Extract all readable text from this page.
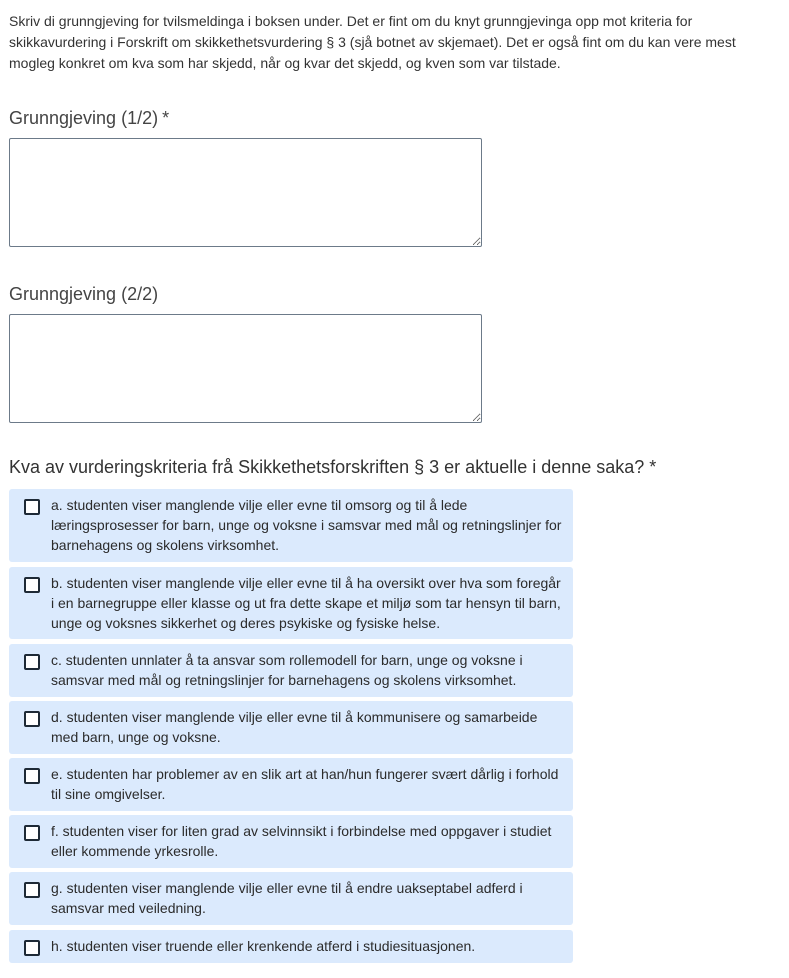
Skriv di grunngjeving for tvilsmeldinga i boksen under. Det er fint om du knyt grunngjevinga opp mot kriteria for skikkavurdering i Forskrift om skikkethetsvurdering § 3 (sjå botnet av skjemaet). Det er også fint om du kan vere mest mogleg konkret om kva som har skjedd, når og kvar det skjedd, og kven som var tilstade.

Grunngjeving (1/2) *
Grunngjeving (2/2)
Kva av vurderingskriteria frå Skikkethetsforskriften § 3 er aktuelle i denne saka? *
a. studenten viser manglende vilje eller evne til omsorg og til å lede læringsprosesser for barn, unge og voksne i samsvar med mål og retningslinjer for barnehagens og skolens virksomhet.
b. studenten viser manglende vilje eller evne til å ha oversikt over hva som foregår i en barnegruppe eller klasse og ut fra dette skape et miljø som tar hensyn til barn, unge og voksnes sikkerhet og deres psykiske og fysiske helse.
c. studenten unnlater å ta ansvar som rollemodell for barn, unge og voksne i samsvar med mål og retningslinjer for barnehagens og skolens virksomhet.
d. studenten viser manglende vilje eller evne til å kommunisere og samarbeide med barn, unge og voksne.
e. studenten har problemer av en slik art at han/hun fungerer svært dårlig i forhold til sine omgivelser.
f. studenten viser for liten grad av selvinnsikt i forbindelse med oppgaver i studiet eller kommende yrkesrolle.
g. studenten viser manglende vilje eller evne til å endre uakseptabel adferd i samsvar med veiledning.
h. studenten viser truende eller krenkende atferd i studiesituasjonen.
